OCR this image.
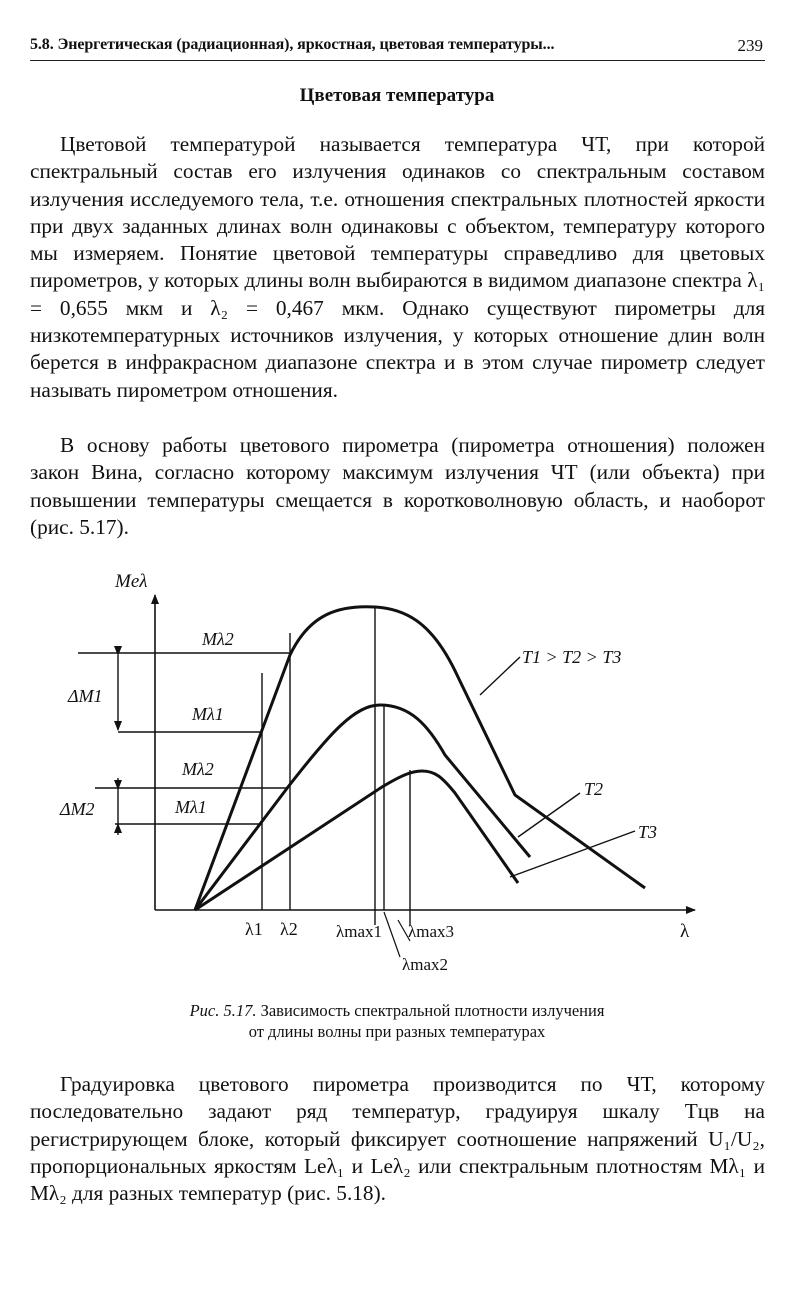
5.8. Энергетическая (радиационная), яркостная, цветовая температуры...	239
Цветовая температура

Цветовой температурой называется температура ЧТ, при которой спектральный состав его излучения одинаков со спектральным составом излучения исследуемого тела, т.е. отношения спектральных плотностей яркости при двух заданных длинах волн одинаковы с объектом, температуру которого мы измеряем. Понятие цветовой температуры справедливо для цветовых пирометров, у которых длины волн выбираются в видимом диапазоне спектра λ₁ = 0,655 мкм и λ₂ = 0,467 мкм. Однако существуют пирометры для низкотемпературных источников излучения, у которых отношение длин волн берется в инфракрасном диапазоне спектра и в этом случае пирометр следует называть пирометром отношения.

В основу работы цветового пирометра (пирометра отношения) положен закон Вина, согласно которому максимум излучения ЧТ (или объекта) при повышении температуры смещается в коротковолновую область, и наоборот (рис. 5.17).

Meλ
Mλ2
Mλ1
Mλ2
Mλ1
ΔM1
ΔM2
T1 > T2 > T3
T2
T3
λ1 λ2 λmax1 λmax3
λmax2
λ
Рис. 5.17. Зависимость спектральной плотности излучения
от длины волны при разных температурах

Градуировка цветового пирометра производится по ЧТ, которому последовательно задают ряд температур, градуируя шкалу Tцв на регистрирующем блоке, который фиксирует соотношение напряжений U₁/U₂, пропорциональных яркостям Leλ₁ и Leλ₂ или спектральным плотностям Mλ₁ и Mλ₂ для разных температур (рис. 5.18).
